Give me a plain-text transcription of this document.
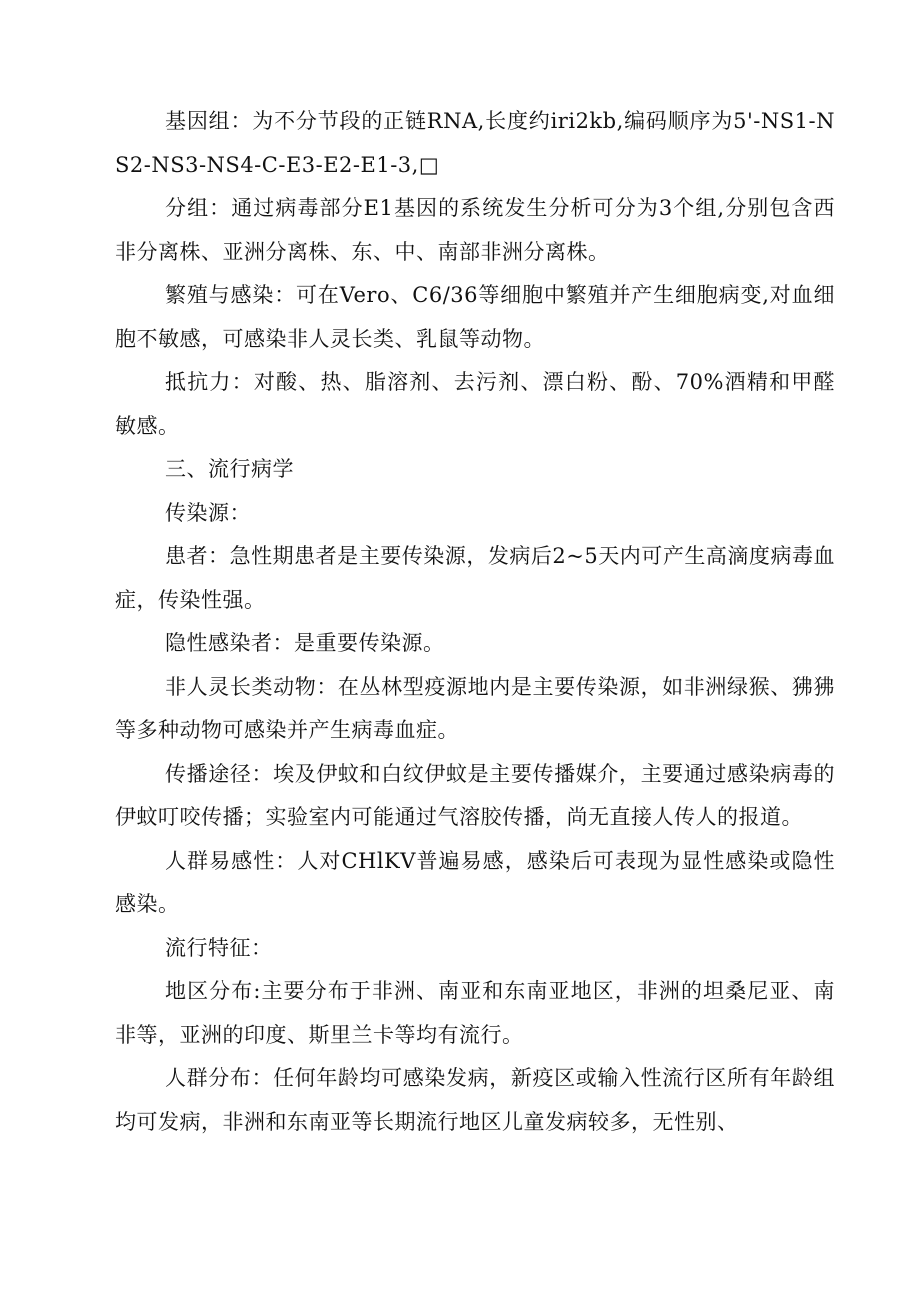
基因组：为不分节段的正链RNA,长度约iri2kb,编码顺序为5'-NS1-NS2-NS3-NS4-C-E3-E2-E1-3,□

分组：通过病毒部分E1基因的系统发生分析可分为3个组,分别包含西非分离株、亚洲分离株、东、中、南部非洲分离株。

繁殖与感染：可在Vero、C6/36等细胞中繁殖并产生细胞病变,对血细胞不敏感，可感染非人灵长类、乳鼠等动物。

抵抗力：对酸、热、脂溶剂、去污剂、漂白粉、酚、70%酒精和甲醛敏感。

三、流行病学

传染源：

患者：急性期患者是主要传染源，发病后2~5天内可产生高滴度病毒血症，传染性强。

隐性感染者：是重要传染源。

非人灵长类动物：在丛林型疫源地内是主要传染源，如非洲绿猴、狒狒等多种动物可感染并产生病毒血症。

传播途径：埃及伊蚊和白纹伊蚊是主要传播媒介，主要通过感染病毒的伊蚊叮咬传播；实验室内可能通过气溶胶传播，尚无直接人传人的报道。

人群易感性：人对CHlKV普遍易感，感染后可表现为显性感染或隐性感染。

流行特征：

地区分布:主要分布于非洲、南亚和东南亚地区，非洲的坦桑尼亚、南非等，亚洲的印度、斯里兰卡等均有流行。

人群分布：任何年龄均可感染发病，新疫区或输入性流行区所有年龄组均可发病，非洲和东南亚等长期流行地区儿童发病较多，无性别、
